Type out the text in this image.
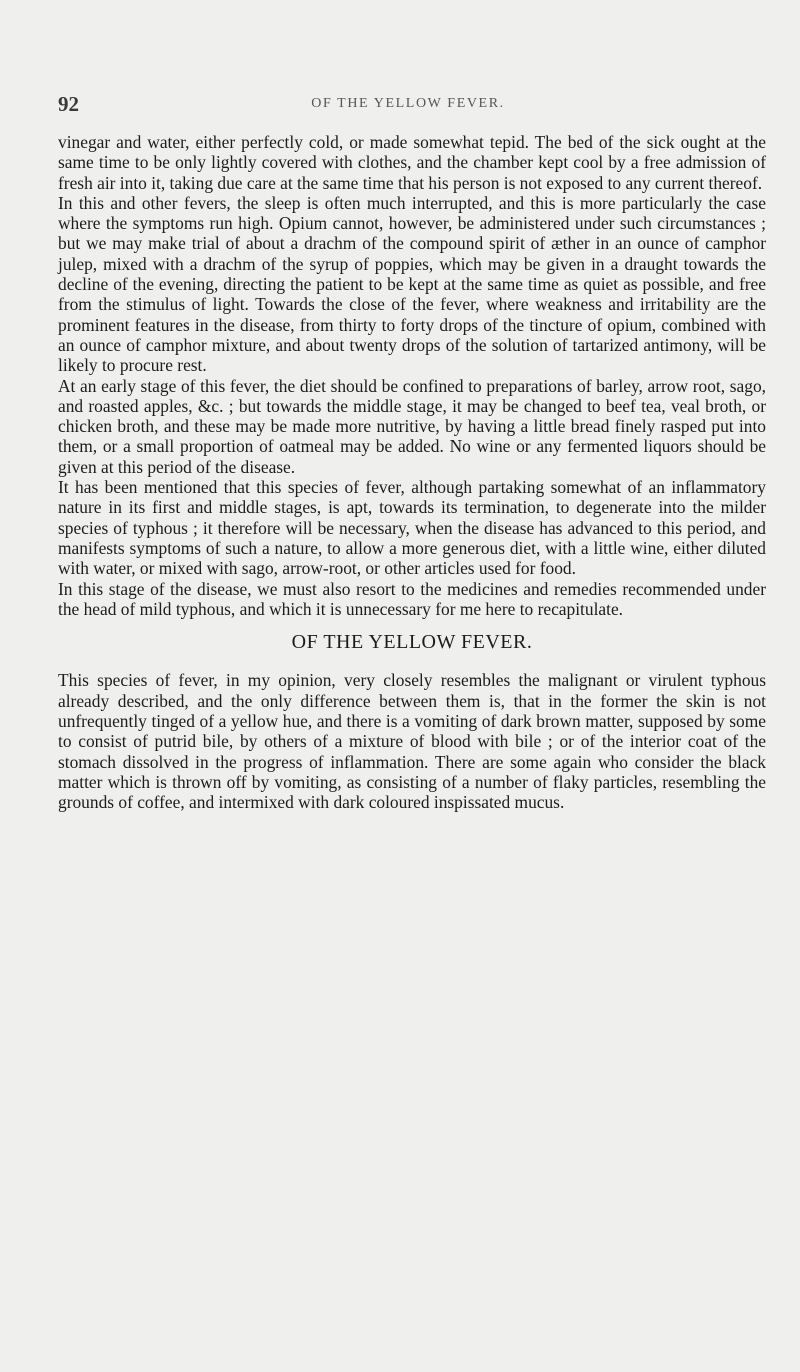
92	OF THE YELLOW FEVER.

vinegar and water, either perfectly cold, or made somewhat tepid. The bed of the sick ought at the same time to be only lightly covered with clothes, and the chamber kept cool by a free admission of fresh air into it, taking due care at the same time that his person is not exposed to any current thereof.

In this and other fevers, the sleep is often much interrupted, and this is more particularly the case where the symptoms run high. Opium cannot, however, be administered under such circumstances ; but we may make trial of about a drachm of the compound spirit of æther in an ounce of camphor julep, mixed with a drachm of the syrup of poppies, which may be given in a draught towards the decline of the evening, directing the patient to be kept at the same time as quiet as possible, and free from the stimulus of light. Towards the close of the fever, where weakness and irritability are the prominent features in the disease, from thirty to forty drops of the tincture of opium, combined with an ounce of camphor mixture, and about twenty drops of the solution of tartarized antimony, will be likely to procure rest.

At an early stage of this fever, the diet should be confined to preparations of barley, arrow root, sago, and roasted apples, &c. ; but towards the middle stage, it may be changed to beef tea, veal broth, or chicken broth, and these may be made more nutritive, by having a little bread finely rasped put into them, or a small proportion of oatmeal may be added. No wine or any fermented liquors should be given at this period of the disease.

It has been mentioned that this species of fever, although partaking somewhat of an inflammatory nature in its first and middle stages, is apt, towards its termination, to degenerate into the milder species of typhous ; it therefore will be necessary, when the disease has advanced to this period, and manifests symptoms of such a nature, to allow a more generous diet, with a little wine, either diluted with water, or mixed with sago, arrow-root, or other articles used for food.

In this stage of the disease, we must also resort to the medicines and remedies recommended under the head of mild typhous, and which it is unnecessary for me here to recapitulate.

OF THE YELLOW FEVER.

This species of fever, in my opinion, very closely resembles the malignant or virulent typhous already described, and the only difference between them is, that in the former the skin is not unfrequently tinged of a yellow hue, and there is a vomiting of dark brown matter, supposed by some to consist of putrid bile, by others of a mixture of blood with bile ; or of the interior coat of the stomach dissolved in the progress of inflammation. There are some again who consider the black matter which is thrown off by vomiting, as consisting of a number of flaky particles, resembling the grounds of coffee, and intermixed with dark coloured inspissated mucus.
